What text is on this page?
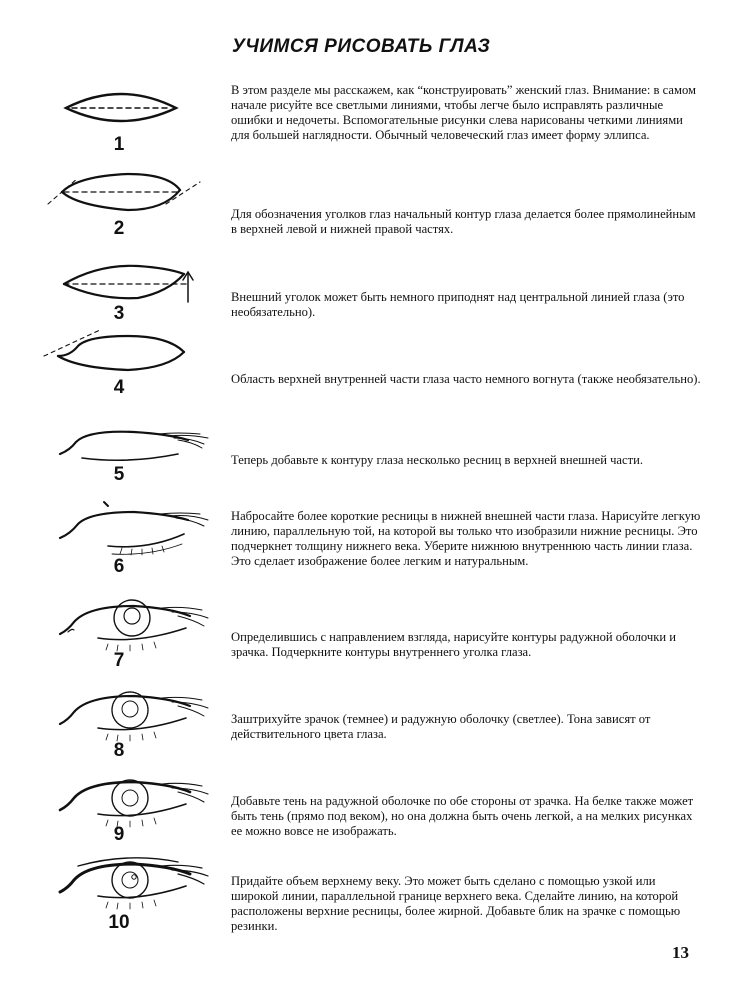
УЧИМСЯ РИСОВАТЬ ГЛАЗ
1

В этом разделе мы расскажем, как “конструировать” женский глаз. Внимание: в самом начале рисуйте все светлыми линиями, чтобы легче было исправлять различные ошибки и недочеты. Вспомогательные рисунки слева нарисованы четкими линиями для большей наглядности. Обычный человеческий глаз имеет форму эллипса.

2

Для обозначения уголков глаз начальный контур глаза делается более прямолинейным в верхней левой и нижней правой частях.

3

Внешний уголок может быть немного приподнят над центральной линией глаза (это необязательно).

4	Область верхней внутренней части глаза часто немного вогнута (также необязательно).

5

Теперь добавьте к контуру глаза несколько ресниц в верхней внешней части.

6

Набросайте более короткие ресницы в нижней внешней части глаза. Нарисуйте легкую линию, параллельную той, на которой вы только что изобразили нижние ресницы. Это подчеркнет толщину нижнего века. Уберите нижнюю внутреннюю часть линии глаза. Это сделает изображение более легким и натуральным.

7

Определившись с направлением взгляда, нарисуйте контуры радужной оболочки и зрачка. Подчеркните контуры внутреннего уголка глаза.

8

Заштрихуйте зрачок (темнее) и радужную оболочку (светлее). Тона зависят от действительного цвета глаза.

9

Добавьте тень на радужной оболочке по обе стороны от зрачка. На белке также может быть тень (прямо под веком), но она должна быть очень легкой, а на мелких рисунках ее можно вовсе не изображать.

10

Придайте объем верхнему веку. Это может быть сделано с помощью узкой или широкой линии, параллельной границе верхнего века. Сделайте линию, на которой расположены верхние ресницы, более жирной. Добавьте блик на зрачке с помощью резинки.

13
